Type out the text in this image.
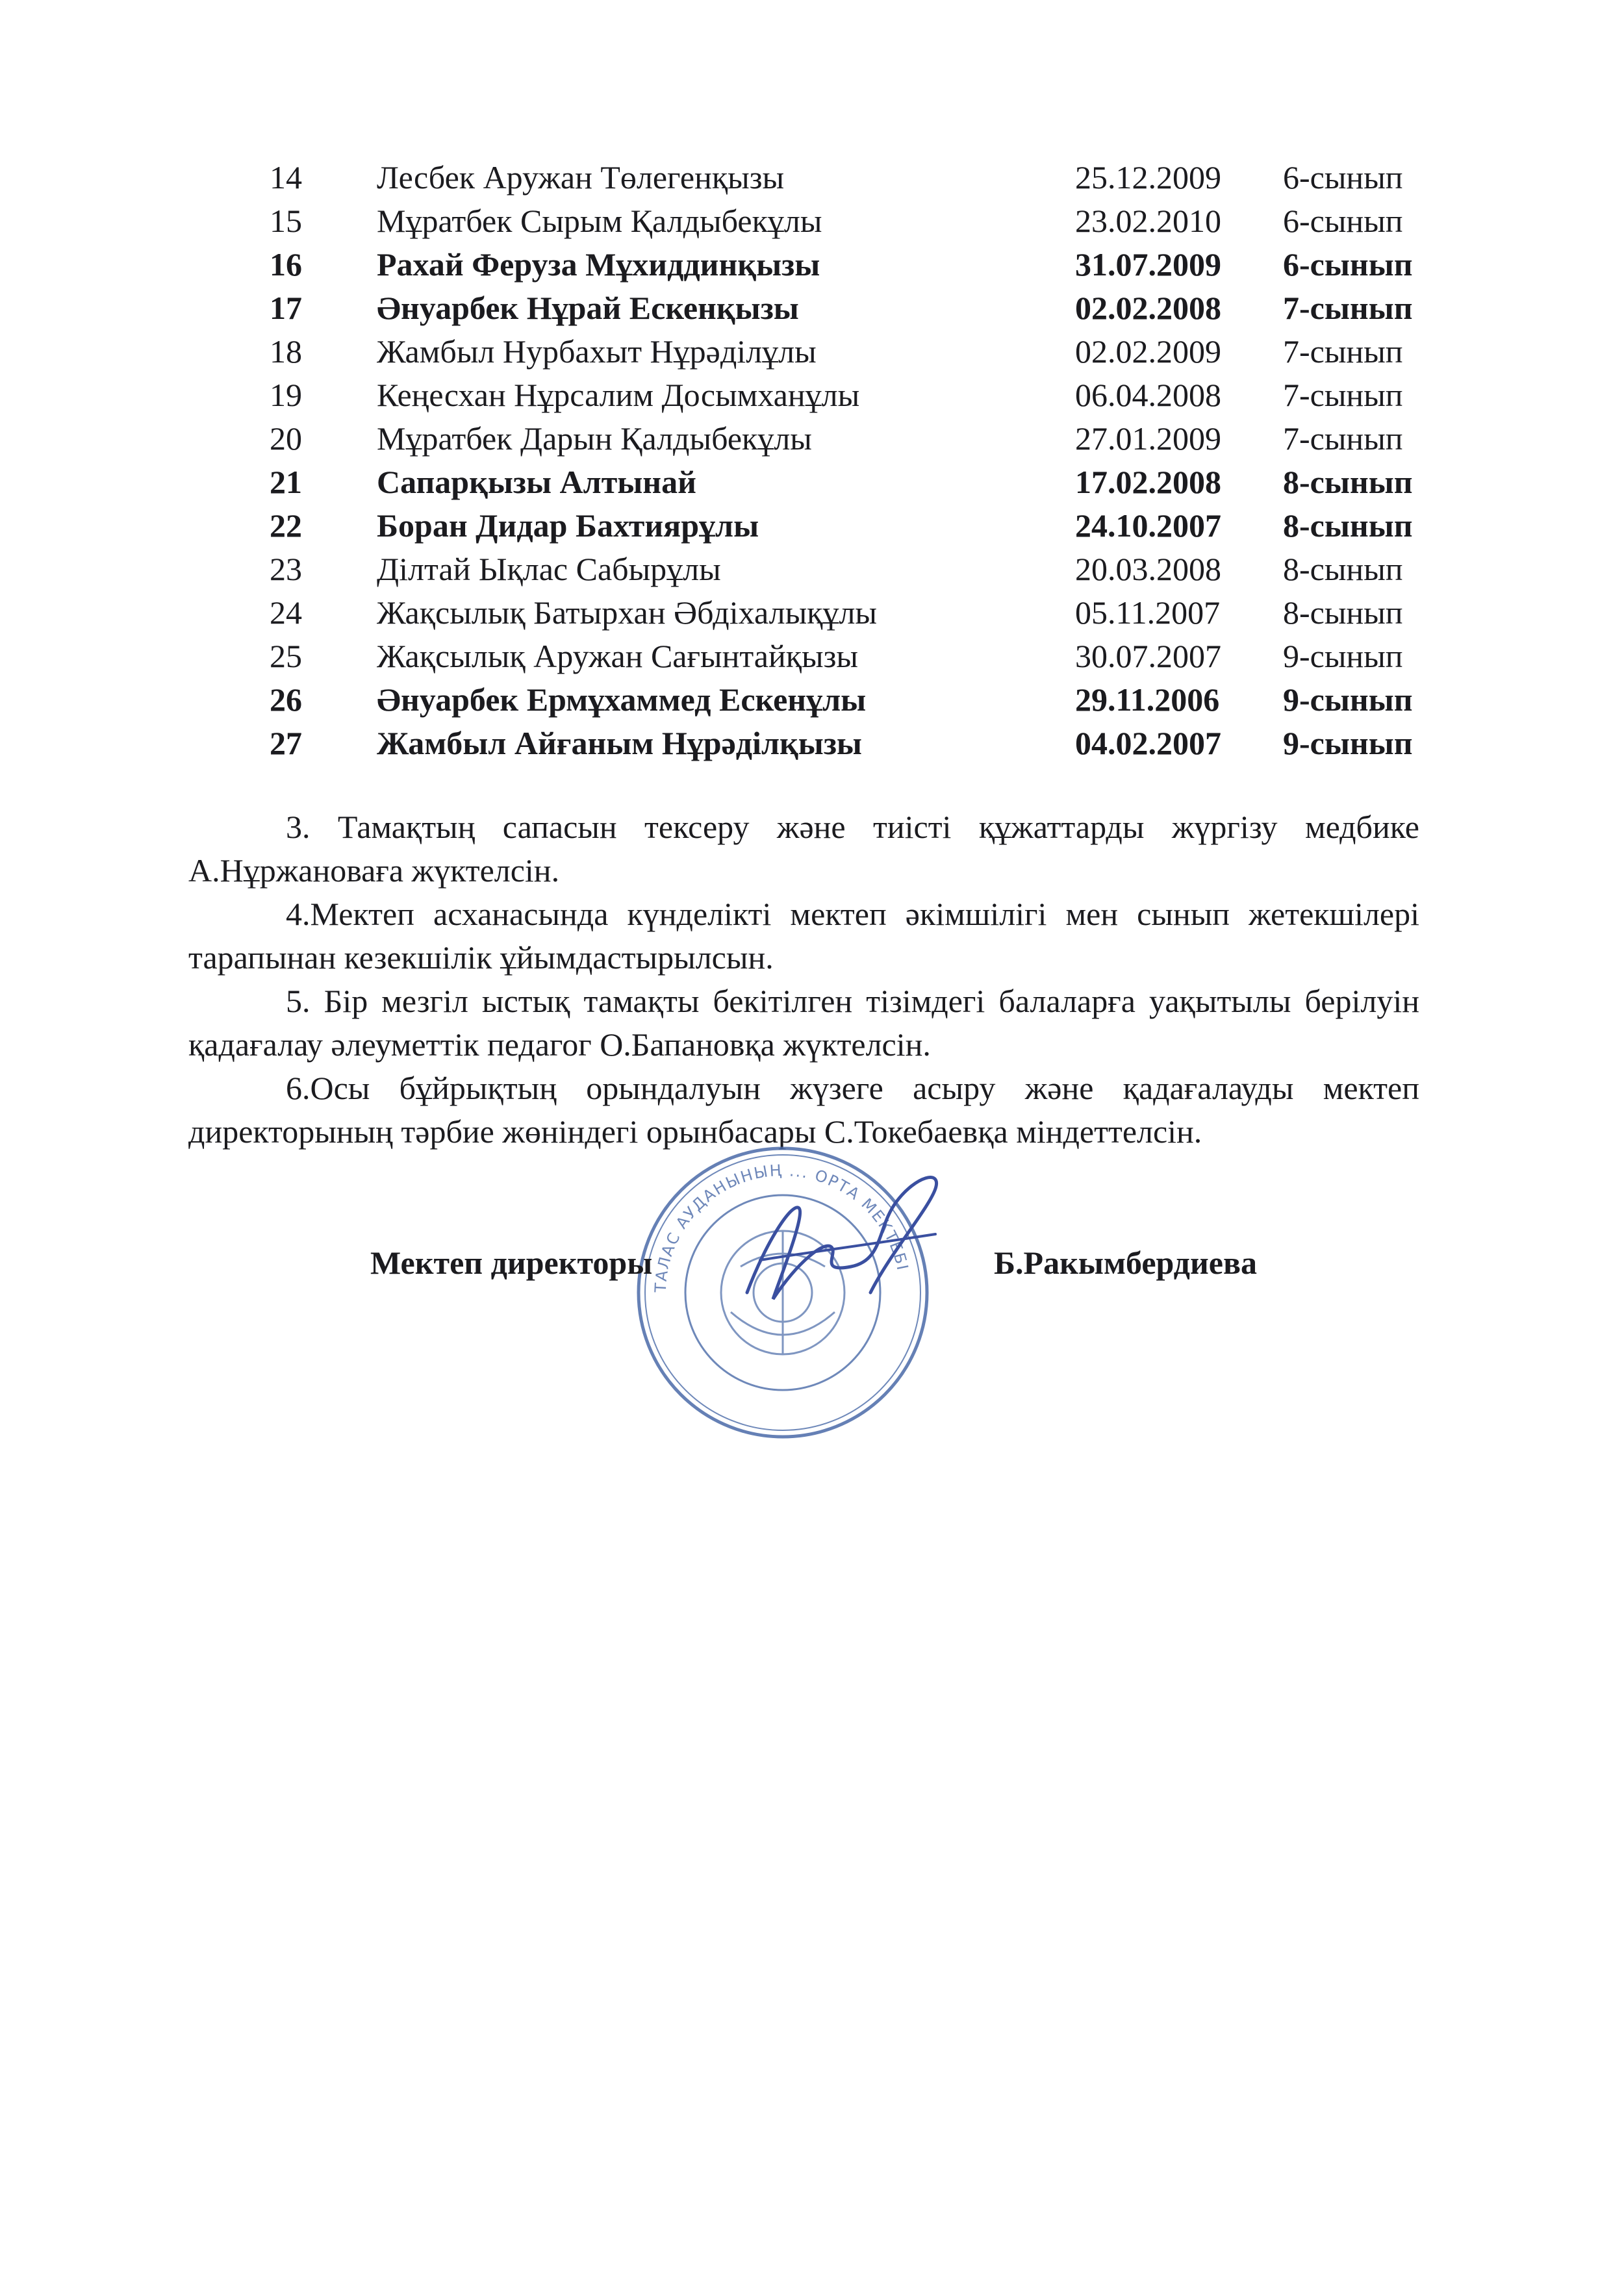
14	Лесбек Аружан Төлегенқызы	25.12.2009 6-сынып
15	Мұратбек Сырым Қалдыбекұлы	23.02.2010 6-сынып
16	Рахай Феруза Мұхиддинқызы	31.07.2009 6-сынып
17	Әнуарбек Нұрай Ескенқызы	02.02.2008 7-сынып
18	Жамбыл Нурбахыт Нұрәділұлы	02.02.2009 7-сынып
19	Кеңесхан Нұрсалим Досымханұлы	06.04.2008 7-сынып
20	Мұратбек Дарын Қалдыбекұлы	27.01.2009 7-сынып
21	Сапарқызы Алтынай	17.02.2008 8-сынып
22	Боран Дидар Бахтиярұлы	24.10.2007 8-сынып
23	Ділтай Ықлас Сабырұлы	20.03.2008 8-сынып
24	Жақсылық Батырхан Әбдіхалықұлы	05.11.2007 8-сынып
25	Жақсылық Аружан Сағынтайқызы	30.07.2007 9-сынып
26	Әнуарбек Ермұхаммед Ескенұлы	29.11.2006 9-сынып
27	Жамбыл Айғаным Нұрәділқызы	04.02.2007 9-сынып

3. Тамақтың сапасын тексеру және тиісті құжаттарды жүргізу медбике А.Нұржановаға жүктелсін.

4.Мектеп асханасында күнделікті мектеп әкімшілігі мен сынып жетекшілері тарапынан кезекшілік ұйымдастырылсын.

5. Бір мезгіл ыстық тамақты бекітілген тізімдегі балаларға уақытылы берілуін қадағалау әлеуметтік педагог О.Бапановқа жүктелсін.

6.Осы бұйрықтың орындалуын жүзеге асыру және қадағалауды мектеп директорының тәрбие жөніндегі орынбасары С.Токебаевқа міндеттелсін.

ТАЛАС АУДАНЫНЫҢ ... ОРТА МЕКТЕБІ
Мектеп директоры	Б.Ракымбердиева
